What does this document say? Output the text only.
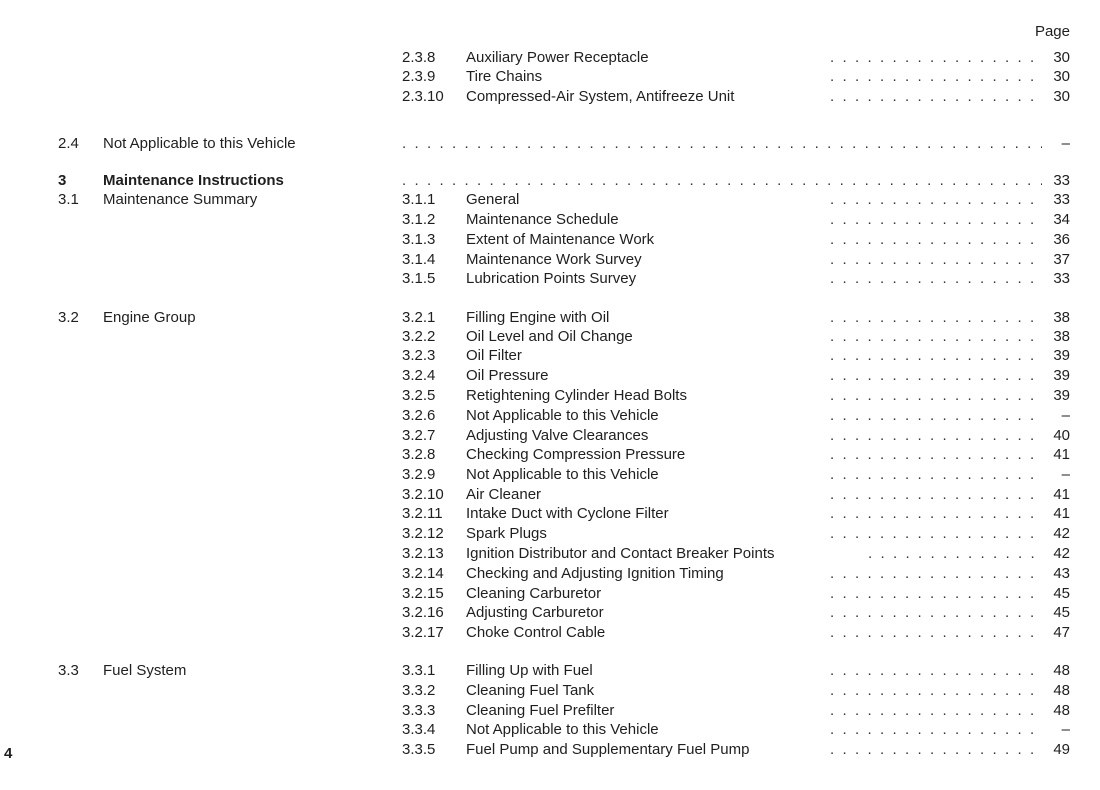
Page
2.3.8 Auxiliary Power Receptacle . .	30
2.3.9 Tire Chains . .	30
2.3.10 Compressed-Air System, Antifreeze Unit . .	30
2.4 Not Applicable to this Vehicle . .	–
3 Maintenance Instructions . .	33
3.1 Maintenance Summary	3.1.1 General . .	33
3.1.2 Maintenance Schedule . .	34
3.1.3 Extent of Maintenance Work . .	36
3.1.4 Maintenance Work Survey . .	37
3.1.5 Lubrication Points Survey . .	33
3.2 Engine Group	3.2.1 Filling Engine with Oil . .	38
3.2.2 Oil Level and Oil Change . .	38
3.2.3 Oil Filter . .	39
3.2.4 Oil Pressure . .	39
3.2.5 Retightening Cylinder Head Bolts . .	39
3.2.6 Not Applicable to this Vehicle . .	–
3.2.7 Adjusting Valve Clearances . .	40
3.2.8 Checking Compression Pressure . .	41
3.2.9 Not Applicable to this Vehicle . .	–
3.2.10 Air Cleaner . .	41
3.2.11 Intake Duct with Cyclone Filter . .	41
3.2.12 Spark Plugs . .	42
3.2.13 Ignition Distributor and Contact Breaker Points . .	42
3.2.14 Checking and Adjusting Ignition Timing . .	43
3.2.15 Cleaning Carburetor . .	45
3.2.16 Adjusting Carburetor . .	45
3.2.17 Choke Control Cable . .	47
3.3 Fuel System	3.3.1 Filling Up with Fuel . .	48
3.3.2 Cleaning Fuel Tank . .	48
3.3.3 Cleaning Fuel Prefilter . .	48
3.3.4 Not Applicable to this Vehicle . .	–
3.3.5 Fuel Pump and Supplementary Fuel Pump . .	49
4
